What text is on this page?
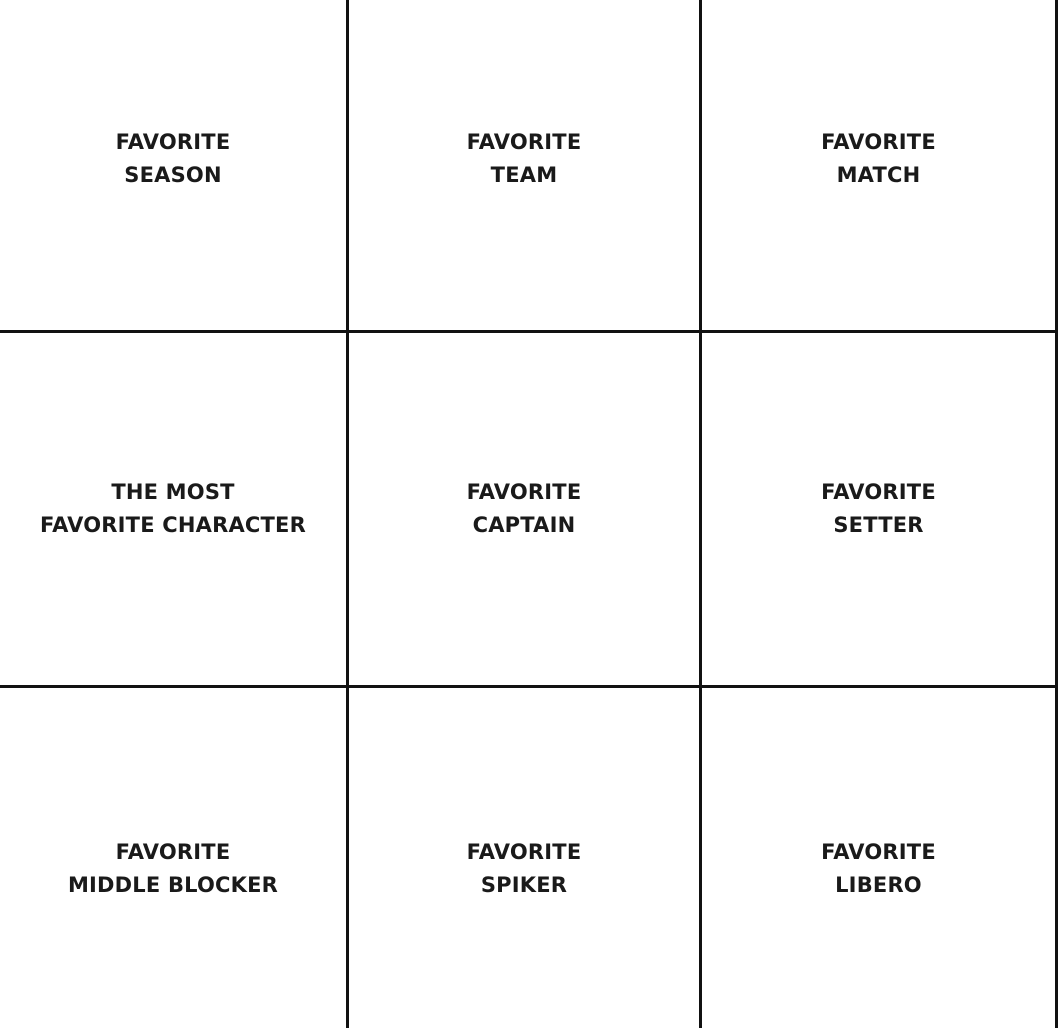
FAVORITE
SEASON
FAVORITE
TEAM
FAVORITE
MATCH
THE MOST
FAVORITE CHARACTER
FAVORITE
CAPTAIN
FAVORITE
SETTER
FAVORITE
MIDDLE BLOCKER
FAVORITE
SPIKER
FAVORITE
LIBERO
